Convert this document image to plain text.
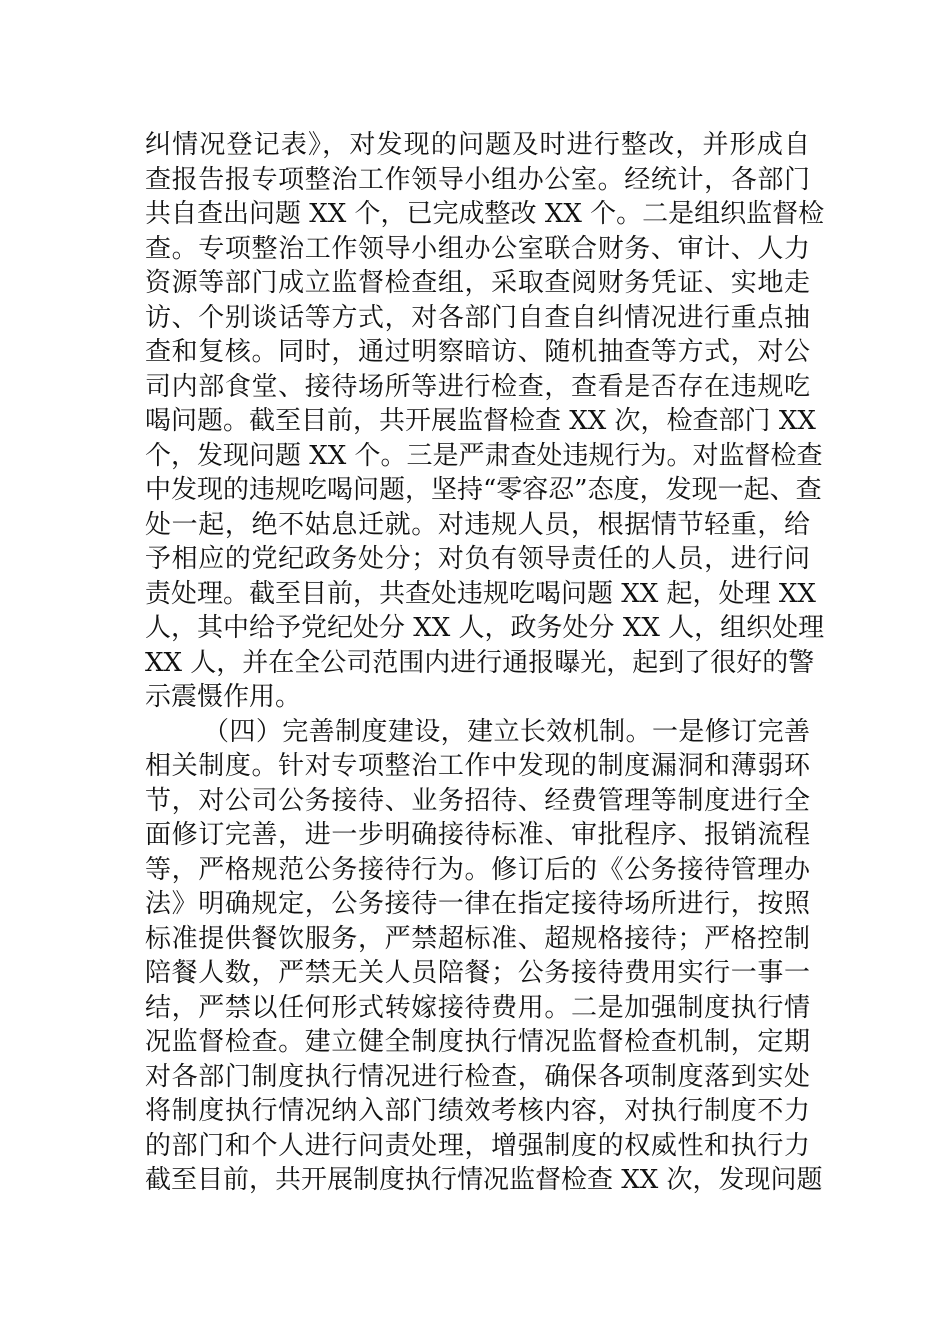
纠情况登记表》，对发现的问题及时进行整改，并形成自
查报告报专项整治工作领导小组办公室。经统计，各部门
共自查出问题 XX 个，已完成整改 XX 个。二是组织监督检
查。专项整治工作领导小组办公室联合财务、审计、人力
资源等部门成立监督检查组，采取查阅财务凭证、实地走
访、个别谈话等方式，对各部门自查自纠情况进行重点抽
查和复核。同时，通过明察暗访、随机抽查等方式，对公
司内部食堂、接待场所等进行检查，查看是否存在违规吃
喝问题。截至目前，共开展监督检查 XX 次，检查部门 XX
个，发现问题 XX 个。三是严肃查处违规行为。对监督检查
中发现的违规吃喝问题，坚持“零容忍”态度，发现一起、查
处一起，绝不姑息迁就。对违规人员，根据情节轻重，给
予相应的党纪政务处分；对负有领导责任的人员，进行问
责处理。截至目前，共查处违规吃喝问题 XX 起，处理 XX
人，其中给予党纪处分 XX 人，政务处分 XX 人，组织处理
XX 人，并在全公司范围内进行通报曝光，起到了很好的警
示震慑作用。
（四）完善制度建设，建立长效机制。一是修订完善
相关制度。针对专项整治工作中发现的制度漏洞和薄弱环
节，对公司公务接待、业务招待、经费管理等制度进行全
面修订完善，进一步明确接待标准、审批程序、报销流程
等，严格规范公务接待行为。修订后的《公务接待管理办
法》明确规定，公务接待一律在指定接待场所进行，按照
标准提供餐饮服务，严禁超标准、超规格接待；严格控制
陪餐人数，严禁无关人员陪餐；公务接待费用实行一事一
结，严禁以任何形式转嫁接待费用。二是加强制度执行情
况监督检查。建立健全制度执行情况监督检查机制，定期
对各部门制度执行情况进行检查，确保各项制度落到实处
将制度执行情况纳入部门绩效考核内容，对执行制度不力
的部门和个人进行问责处理，增强制度的权威性和执行力
截至目前，共开展制度执行情况监督检查 XX 次，发现问题
